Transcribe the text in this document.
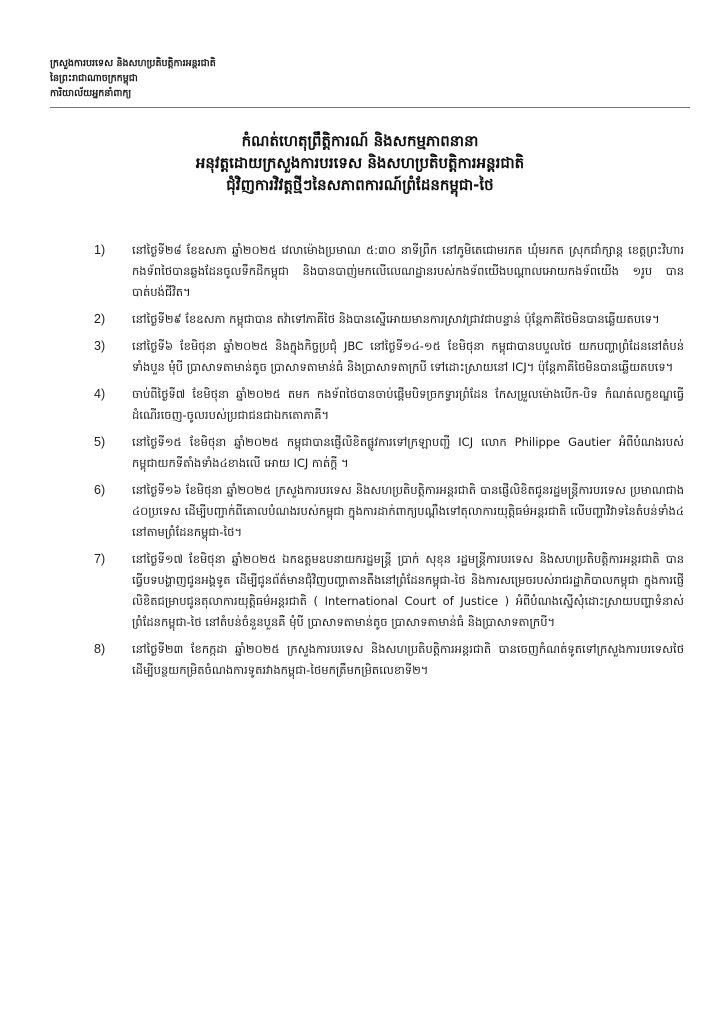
ក្រសួងការបរទេស និងសហប្រតិបត្តិការអន្តរជាតិ
នៃព្រះរាជាណាចក្រកម្ពុជា
ការិយាល័យអ្នកនាំពាក្យ
កំណត់ហេតុព្រឹត្តិការណ៍ និងសកម្មភាពនានា
អនុវត្តដោយក្រសួងការបរទេស និងសហប្រតិបត្តិការអន្តរជាតិ
ជុំវិញការវិវត្តថ្មីៗនៃសភាពការណ៍ព្រំដែនកម្ពុជា-ថៃ
1)	នៅថ្ងៃទី២៨ ខែឧសភា ឆ្នាំ២០២៥ វេលាម៉ោងប្រមាណ ៥:៣០ នាទីព្រឹក នៅភូមិតេជោមរកត ឃុំមរកត ស្រុកជាំក្សាន្ត ខេត្តព្រះវិហារ កងទ័ពថៃបានឆ្លងដែនចូលទឹកដីកម្ពុជា និងបានបាញ់មកលើលេណដ្ឋានរបស់កងទ័ពយើងបណ្ដាលអោយកងទ័ពយើង ១រូប បានបាត់បង់ជីវិត។
2)	នៅថ្ងៃទី២៩ ខែឧសភា កម្ពុជាបាន តវ៉ាទៅភាគីថៃ និងបានស្នើអោយមានការស្រាវជ្រាវជាបន្ទាន់ ប៉ុន្តែភាគីថៃមិនបានឆ្លើយតបទេ។
3)	នៅថ្ងៃទី៦ ខែមិថុនា ឆ្នាំ២០២៥ និងក្នុងកិច្ចប្រជុំ JBC នៅថ្ងៃទី១៤-១៥ ខែមិថុនា កម្ពុជាបានបបួលថៃ យកបញ្ហាព្រំដែននៅតំបន់ទាំងបួន មុំបី ប្រាសាទតាមាន់តូច ប្រាសាទតាមាន់ធំ និងប្រាសាទតាក្របី ទៅដោះស្រាយនៅ ICJ។ ប៉ុន្តែភាគីថៃមិនបានឆ្លើយតបទេ។
4)	ចាប់ពីថ្ងៃទី៧ ខែមិថុនា ឆ្នាំ២០២៥ តមក កងទ័ពថៃបានចាប់ផ្ដើមបិទច្រកទ្វារព្រំដែន កែសម្រួលម៉ោងបើក-បិទ កំណត់លក្ខខណ្ឌធ្វើដំណើរចេញ-ចូលរបស់ប្រជាជនជាឯកតោភាគី។
5)	នៅថ្ងៃទី១៥ ខែមិថុនា ឆ្នាំ២០២៥ កម្ពុជាបានផ្ញើលិខិតផ្លូវការទៅក្រឡាបញ្ជី ICJ លោក Philippe Gautier អំពីបំណងរបស់កម្ពុជាយកទីតាំងទាំង៤ខាងលើ អោយ ICJ កាត់ក្ដី ។
6)	នៅថ្ងៃទី១៦ ខែមិថុនា ឆ្នាំ២០២៥ ក្រសួងការបរទេស និងសហប្រតិបត្តិការអន្តរជាតិ បានផ្ញើលិខិតជូនរដ្ឋមន្ត្រីការបរទេស ប្រមាណជាង ៤០ប្រទេស ដើម្បីបញ្ជាក់ពីគោលបំណងរបស់កម្ពុជា ក្នុងការដាក់ពាក្យបណ្ដឹងទៅតុលាការយុត្តិធម៌អន្តរជាតិ លើបញ្ហាវិវាទនៃតំបន់ទាំង៤ នៅតាមព្រំដែនកម្ពុជា-ថៃ។
7)	នៅថ្ងៃទី១៧ ខែមិថុនា ឆ្នាំ២០២៥ ឯកឧត្ដមឧបនាយករដ្ឋមន្ត្រី ប្រាក់ សុខុន រដ្ឋមន្ត្រីការបរទេស និងសហប្រតិបត្តិការអន្តរជាតិ បានធ្វើបទបង្ហាញជូនអង្គទូត ដើម្បីជូនព័ត៌មានជុំវិញបញ្ហាតានតឹងនៅព្រំដែនកម្ពុជា-ថៃ និងការសម្រេចរបស់រាជរដ្ឋាភិបាលកម្ពុជា ក្នុងការផ្ញើលិខិតជម្រាបជូនតុលាការយុត្តិធម៌អន្តរជាតិ ( International Court of Justice ) អំពីបំណងស្នើសុំដោះស្រាយបញ្ហាទំនាស់ព្រំដែនកម្ពុជា-ថៃ នៅតំបន់ចំនួនបួនគឺ មុំបី ប្រាសាទតាមាន់តូច ប្រាសាទតាមាន់ធំ និងប្រាសាទតាក្របី។
8)	នៅថ្ងៃទី២៣ ខែកក្កដា ឆ្នាំ២០២៥ ក្រសួងការបរទេស និងសហប្រតិបត្តិការអន្តរជាតិ បានចេញកំណត់ទូតទៅក្រសួងការបរទេសថៃ ដើម្បីបន្ថយកម្រិតចំណងការទូតរវាងកម្ពុជា-ថៃមកត្រឹមកម្រិតលេខាទី២។
